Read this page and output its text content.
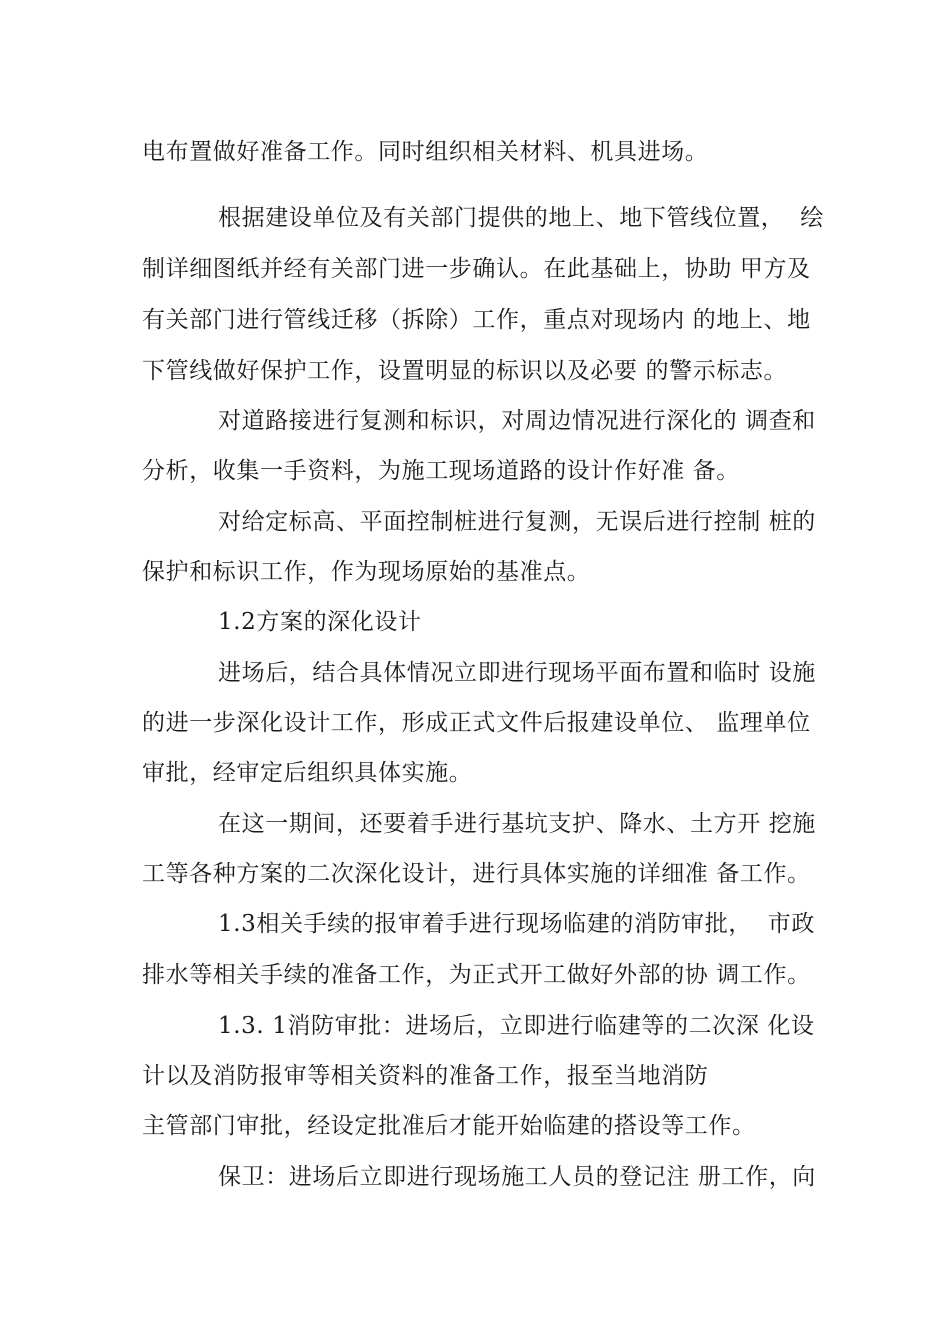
电布置做好准备工作。同时组织相关材料、机具进场。
根据建设单位及有关部门提供的地上、地下管线位置，  绘
制详细图纸并经有关部门进一步确认。在此基础上，协助 甲方及
有关部门进行管线迁移（拆除）工作，重点对现场内 的地上、地
下管线做好保护工作，设置明显的标识以及必要 的警示标志。
对道路接进行复测和标识，对周边情况进行深化的 调查和
分析，收集一手资料，为施工现场道路的设计作好准 备。
对给定标高、平面控制桩进行复测，无误后进行控制 桩的
保护和标识工作，作为现场原始的基准点。
1.2方案的深化设计
进场后，结合具体情况立即进行现场平面布置和临时 设施
的进一步深化设计工作，形成正式文件后报建设单位、 监理单位
审批，经审定后组织具体实施。
在这一期间，还要着手进行基坑支护、降水、土方开 挖施
工等各种方案的二次深化设计，进行具体实施的详细准 备工作。
1.3相关手续的报审着手进行现场临建的消防审批，  市政
排水等相关手续的准备工作，为正式开工做好外部的协 调工作。
1.3. 1消防审批：进场后，立即进行临建等的二次深 化设
计以及消防报审等相关资料的准备工作，报至当地消防
主管部门审批，经设定批准后才能开始临建的搭设等工作。
保卫：进场后立即进行现场施工人员的登记注 册工作，向
